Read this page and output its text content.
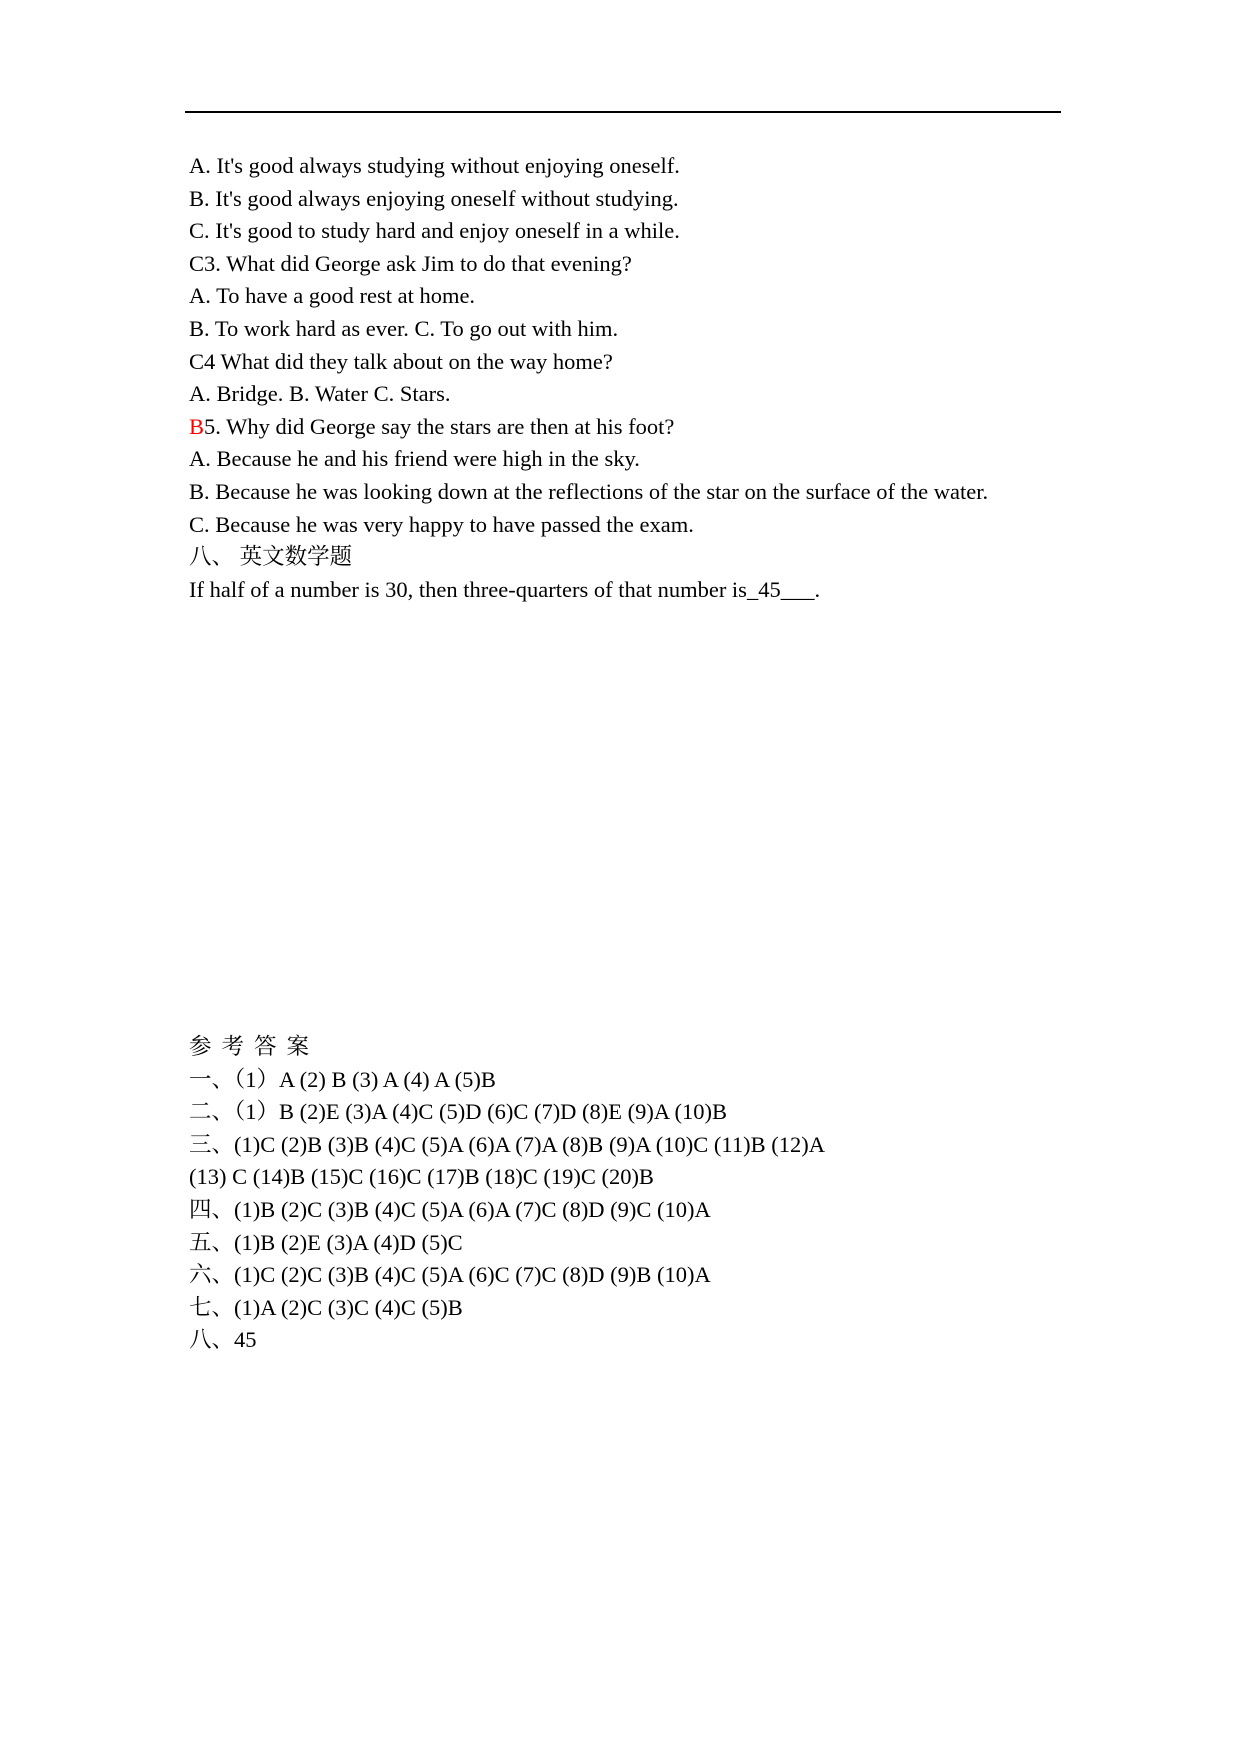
A. It's good always studying without enjoying oneself.
B. It's good always enjoying oneself without studying.
C. It's good to study hard and enjoy oneself in a while.
C3. What did George ask Jim to do that evening?
A. To have a good rest at home.
B. To work hard as ever. C. To go out with him.
C4 What did they talk about on the way home?
A. Bridge. B. Water C. Stars.
B5. Why did George say the stars are then at his foot?
A. Because he and his friend were high in the sky.
B. Because he was looking down at the reflections of the star on the surface of the water.
C. Because he was very happy to have passed the exam.
八、 英文数学题
If half of a number is 30, then three-quarters of that number is_45___.
参考答案
一、（1）A (2) B (3) A (4) A (5)B
二、（1）B (2)E (3)A (4)C (5)D (6)C (7)D (8)E (9)A (10)B
三、(1)C (2)B (3)B (4)C (5)A (6)A (7)A (8)B (9)A (10)C (11)B (12)A
(13) C (14)B (15)C (16)C (17)B (18)C (19)C (20)B
四、(1)B (2)C (3)B (4)C (5)A (6)A (7)C (8)D (9)C (10)A
五、(1)B (2)E (3)A (4)D (5)C
六、(1)C (2)C (3)B (4)C (5)A (6)C (7)C (8)D (9)B (10)A
七、(1)A (2)C (3)C (4)C (5)B
八、45
